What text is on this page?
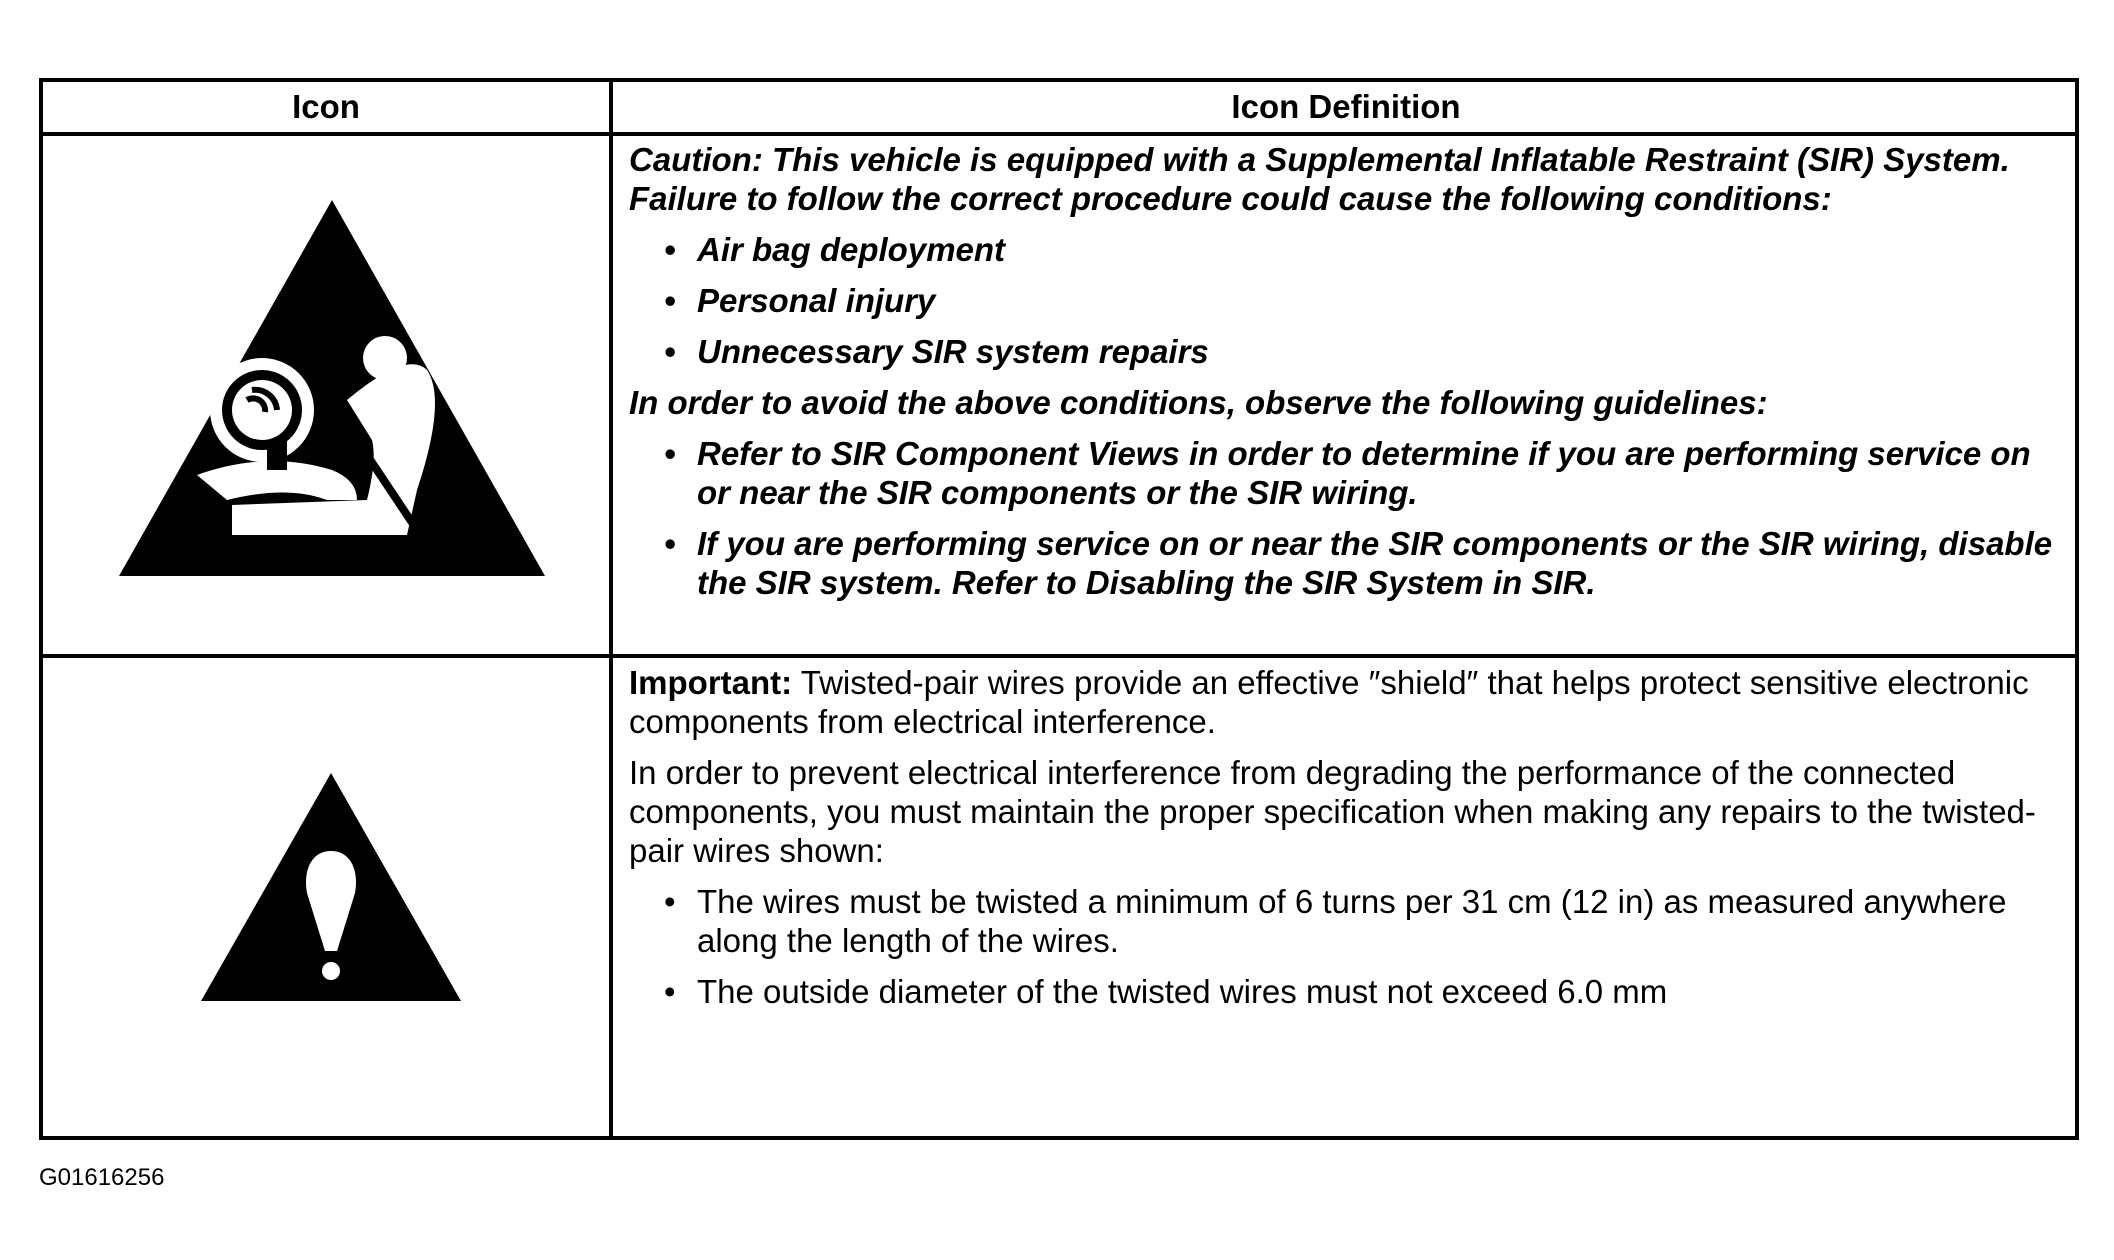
Icon	Icon Definition

Caution: This vehicle is equipped with a Supplemental Inflatable Restraint (SIR) System. Failure to follow the correct procedure could cause the following conditions:

• Air bag deployment
• Personal injury
• Unnecessary SIR system repairs

In order to avoid the above conditions, observe the following guidelines:

• Refer to SIR Component Views in order to determine if you are performing service on or near the SIR components or the SIR wiring.
• If you are performing service on or near the SIR components or the SIR wiring, disable the SIR system. Refer to Disabling the SIR System in SIR.

Important: Twisted-pair wires provide an effective ″shield″ that helps protect sensitive electronic components from electrical interference.

In order to prevent electrical interference from degrading the performance of the connected components, you must maintain the proper specification when making any repairs to the twisted-pair wires shown:

• The wires must be twisted a minimum of 6 turns per 31 cm (12 in) as measured anywhere along the length of the wires.
• The outside diameter of the twisted wires must not exceed 6.0 mm
G01616256
